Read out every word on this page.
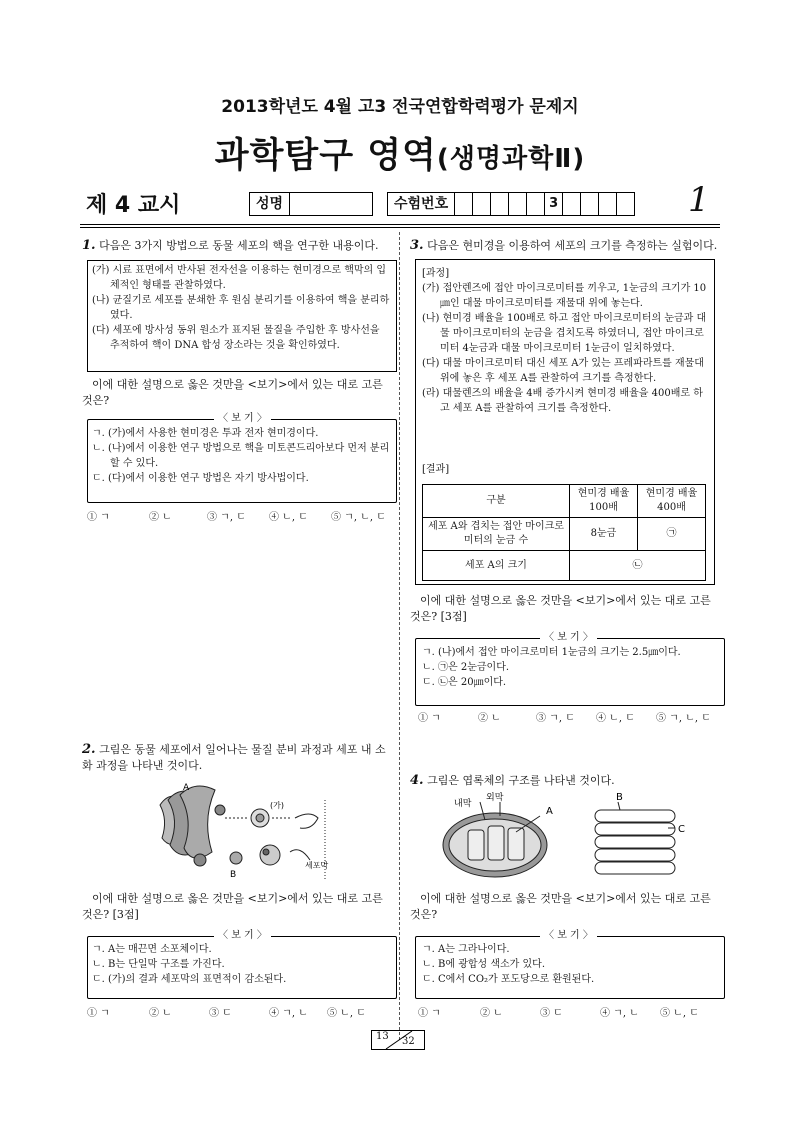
2013학년도 4월 고3 전국연합학력평가 문제지
과학탐구 영역(생명과학Ⅱ)
제 4 교시	성명	수험번호	3	1
1. 다음은 3가지 방법으로 동물 세포의 핵을 연구한 내용이다.
(가) 시료 표면에서 반사된 전자선을 이용하는 현미경으로 핵막의 입체적인 형태를 관찰하였다.
(나) 균질기로 세포를 분쇄한 후 원심 분리기를 이용하여 핵을 분리하였다.
(다) 세포에 방사성 동위 원소가 표지된 물질을 주입한 후 방사선을 추적하여 핵이 DNA 합성 장소라는 것을 확인하였다.
이에 대한 설명으로 옳은 것만을 <보기>에서 있는 대로 고른 것은?
ㄱ. (가)에서 사용한 현미경은 투과 전자 현미경이다.
ㄴ. (나)에서 이용한 연구 방법으로 핵을 미토콘드리아보다 먼저 분리할 수 있다.
ㄷ. (다)에서 이용한 연구 방법은 자기 방사법이다.
〈 보 기 〉
① ㄱ	② ㄴ	③ ㄱ, ㄷ	④ ㄴ, ㄷ	⑤ ㄱ, ㄴ, ㄷ
2. 그림은 동물 세포에서 일어나는 물질 분비 과정과 세포 내 소화 과정을 나타낸 것이다.
A
B
(가)
세포막
이에 대한 설명으로 옳은 것만을 <보기>에서 있는 대로 고른 것은? [3점]
ㄱ. A는 매끈면 소포체이다.
ㄴ. B는 단일막 구조를 가진다.
ㄷ. (가)의 결과 세포막의 표면적이 감소된다.
〈 보 기 〉
① ㄱ	② ㄴ	③ ㄷ	④ ㄱ, ㄴ	⑤ ㄴ, ㄷ
3. 다음은 현미경을 이용하여 세포의 크기를 측정하는 실험이다.
[과정]
(가) 접안렌즈에 접안 마이크로미터를 끼우고, 1눈금의 크기가 10㎛인 대물 마이크로미터를 재물대 위에 놓는다.
(나) 현미경 배율을 100배로 하고 접안 마이크로미터의 눈금과 대물 마이크로미터의 눈금을 겹치도록 하였더니, 접안 마이크로미터 4눈금과 대물 마이크로미터 1눈금이 일치하였다.
(다) 대물 마이크로미터 대신 세포 A가 있는 프레파라트를 재물대 위에 놓은 후 세포 A를 관찰하여 크기를 측정한다.
(라) 대물렌즈의 배율을 4배 증가시켜 현미경 배율을 400배로 하고 세포 A를 관찰하여 크기를 측정한다.
[결과]
구분	현미경 배율 100배	현미경 배율 400배
세포 A와 겹치는 접안 마이크로미터의 눈금 수	8눈금	㉠
세포 A의 크기	㉡	
이에 대한 설명으로 옳은 것만을 <보기>에서 있는 대로 고른 것은? [3점]
ㄱ. (나)에서 접안 마이크로미터 1눈금의 크기는 2.5㎛이다.
ㄴ. ㉠은 2눈금이다.
ㄷ. ㉡은 20㎛이다.
〈 보 기 〉
① ㄱ	② ㄴ	③ ㄱ, ㄷ	④ ㄴ, ㄷ	⑤ ㄱ, ㄴ, ㄷ
4. 그림은 엽록체의 구조를 나타낸 것이다.
내막
외막
A
B
C
이에 대한 설명으로 옳은 것만을 <보기>에서 있는 대로 고른 것은?
ㄱ. A는 그라나이다.
ㄴ. B에 광합성 색소가 있다.
ㄷ. C에서 CO₂가 포도당으로 환원된다.
〈 보 기 〉
① ㄱ	② ㄴ	③ ㄷ	④ ㄱ, ㄴ	⑤ ㄴ, ㄷ
13 32
